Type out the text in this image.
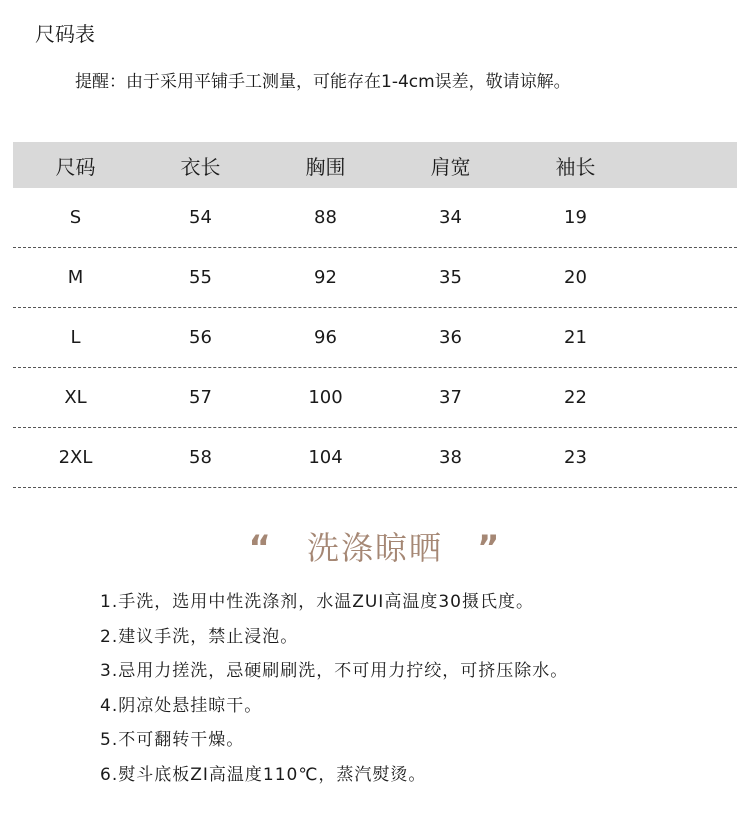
尺码表
提醒：由于采用平铺手工测量，可能存在1-4cm误差，敬请谅解。
尺码	衣长	胸围	肩宽	袖长
S	54	88	34	19
M	55	92	35	20
L	56	96	36	21
XL	57	100	37	22
2XL	58	104	38	23
“ 洗涤晾晒 ”
1.手洗，选用中性洗涤剂，水温ZUI高温度30摄氏度。
2.建议手洗，禁止浸泡。
3.忌用力搓洗，忌硬刷刷洗，不可用力拧绞，可挤压除水。
4.阴凉处悬挂晾干。
5.不可翻转干燥。
6.熨斗底板ZI高温度110℃，蒸汽熨烫。
